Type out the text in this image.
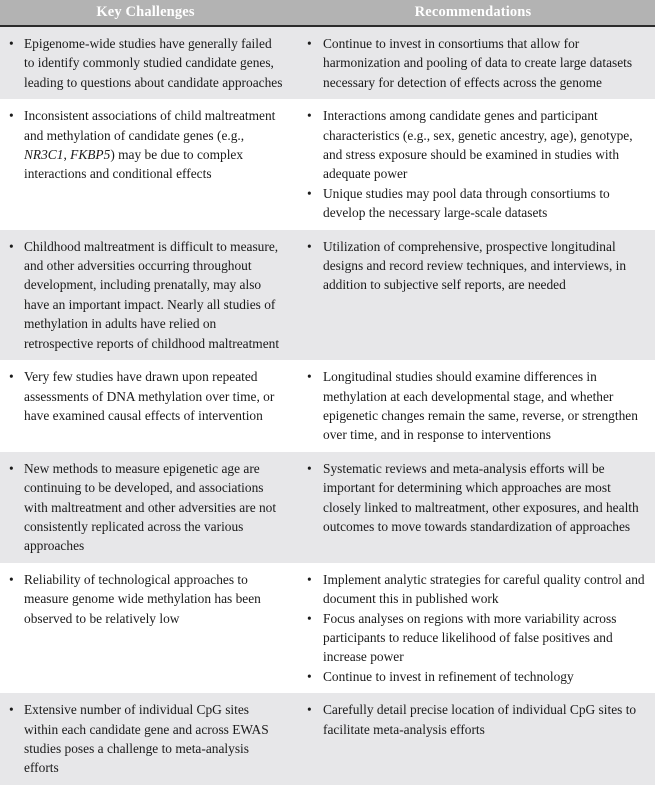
Key Challenges	Recommendations
• Epigenome-wide studies have generally failed to identify commonly studied candidate genes, leading to questions about candidate approaches
• Continue to invest in consortiums that allow for harmonization and pooling of data to create large datasets necessary for detection of effects across the genome
• Inconsistent associations of child maltreatment and methylation of candidate genes (e.g., NR3C1, FKBP5) may be due to complex interactions and conditional effects
• Interactions among candidate genes and participant characteristics (e.g., sex, genetic ancestry, age), genotype, and stress exposure should be examined in studies with adequate power
• Unique studies may pool data through consortiums to develop the necessary large-scale datasets
• Childhood maltreatment is difficult to measure, and other adversities occurring throughout development, including prenatally, may also have an important impact. Nearly all studies of methylation in adults have relied on retrospective reports of childhood maltreatment
• Utilization of comprehensive, prospective longitudinal designs and record review techniques, and interviews, in addition to subjective self reports, are needed
• Very few studies have drawn upon repeated assessments of DNA methylation over time, or have examined causal effects of intervention
• Longitudinal studies should examine differences in methylation at each developmental stage, and whether epigenetic changes remain the same, reverse, or strengthen over time, and in response to interventions
• New methods to measure epigenetic age are continuing to be developed, and associations with maltreatment and other adversities are not consistently replicated across the various approaches
• Systematic reviews and meta-analysis efforts will be important for determining which approaches are most closely linked to maltreatment, other exposures, and health outcomes to move towards standardization of approaches
• Reliability of technological approaches to measure genome wide methylation has been observed to be relatively low
• Implement analytic strategies for careful quality control and document this in published work
• Focus analyses on regions with more variability across participants to reduce likelihood of false positives and increase power
• Continue to invest in refinement of technology
• Extensive number of individual CpG sites within each candidate gene and across EWAS studies poses a challenge to meta-analysis efforts
• Carefully detail precise location of individual CpG sites to facilitate meta-analysis efforts
